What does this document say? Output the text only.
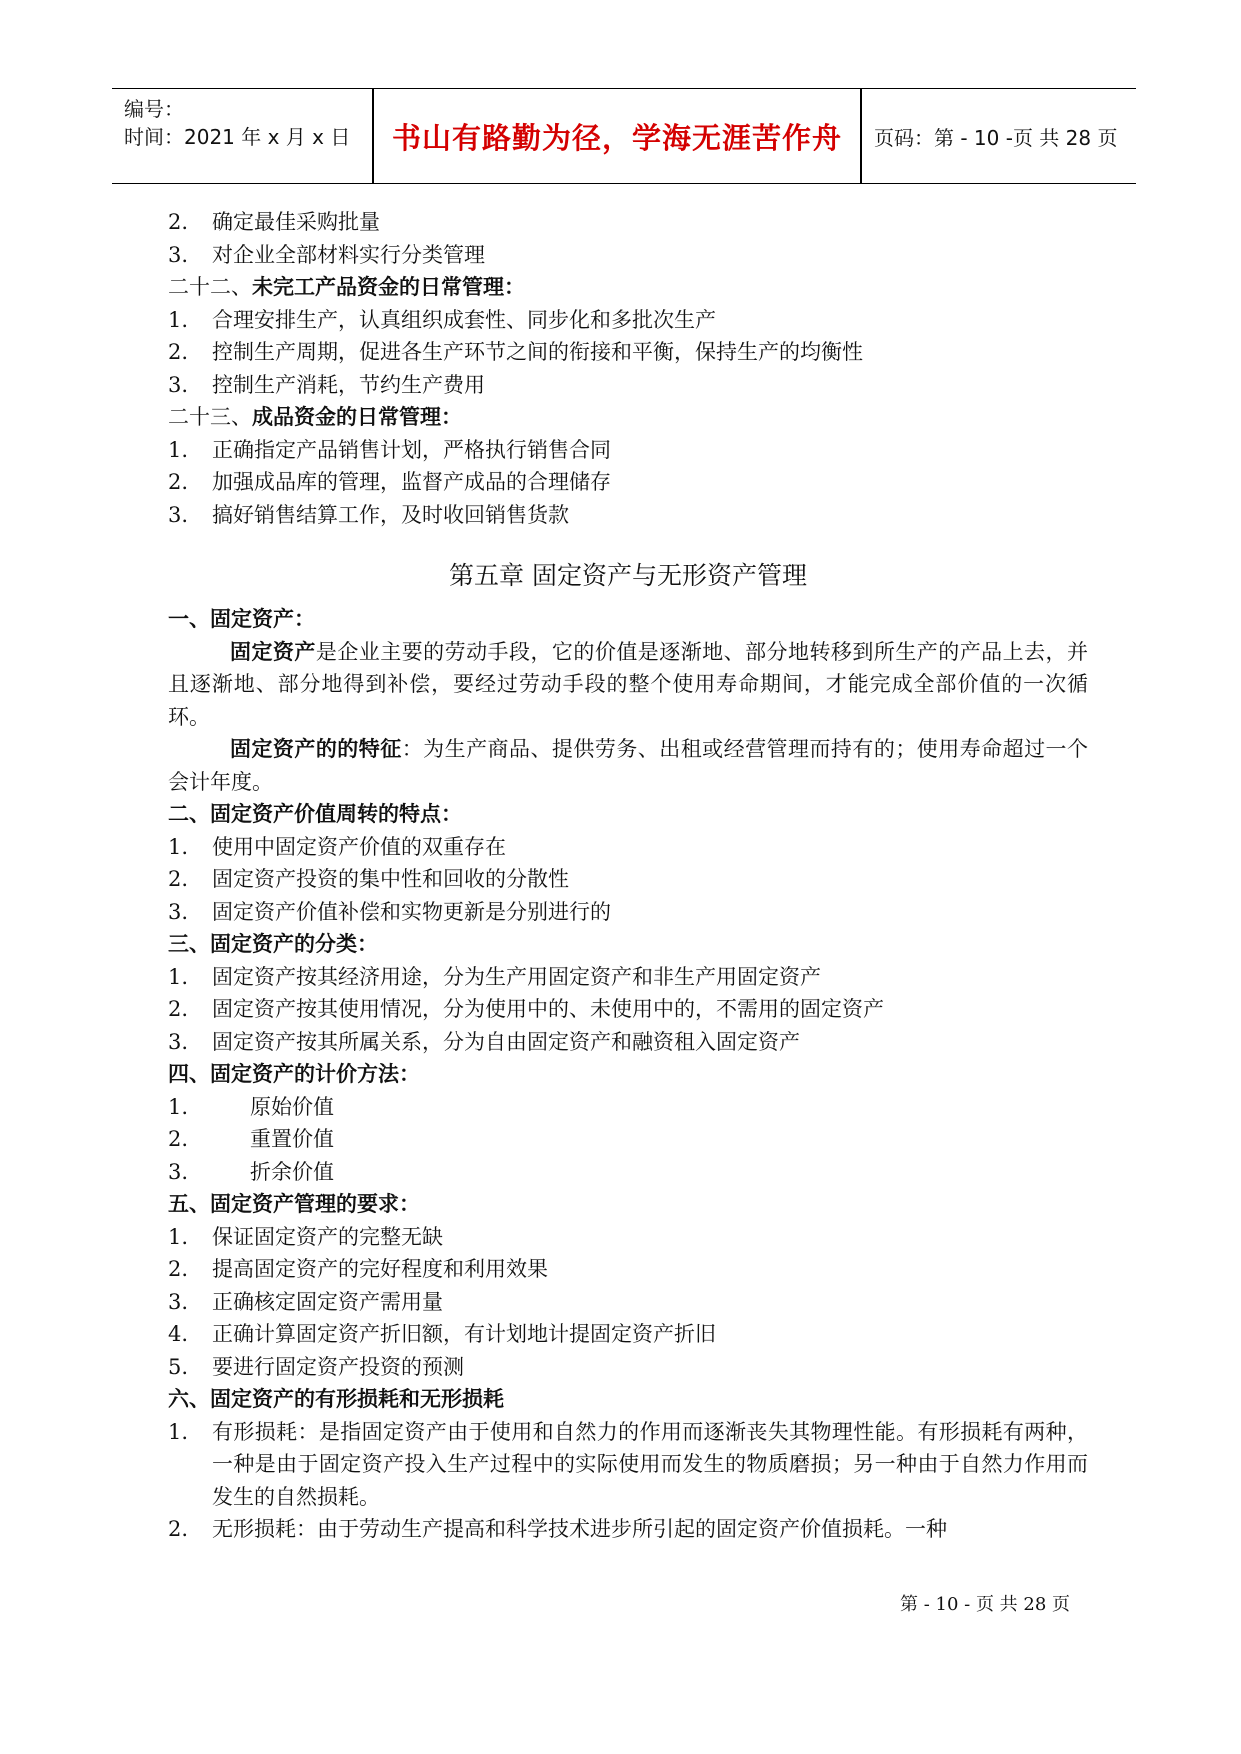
编号：
时间：2021 年 x 月 x 日	书山有路勤为径，学海无涯苦作舟	页码：第 - 10 -页 共 28 页
2.	确定最佳采购批量
3.	对企业全部材料实行分类管理
二十二、未完工产品资金的日常管理：
1.	合理安排生产，认真组织成套性、同步化和多批次生产
2.	控制生产周期，促进各生产环节之间的衔接和平衡，保持生产的均衡性
3.	控制生产消耗，节约生产费用
二十三、成品资金的日常管理：
1.	正确指定产品销售计划，严格执行销售合同
2.	加强成品库的管理，监督产成品的合理储存
3.	搞好销售结算工作，及时收回销售货款
第五章 固定资产与无形资产管理
一、固定资产：
固定资产是企业主要的劳动手段，它的价值是逐渐地、部分地转移到所生产的产品上去，并且逐渐地、部分地得到补偿，要经过劳动手段的整个使用寿命期间，才能完成全部价值的一次循环。
固定资产的的特征：为生产商品、提供劳务、出租或经营管理而持有的；使用寿命超过一个会计年度。
二、固定资产价值周转的特点：
1.	使用中固定资产价值的双重存在
2.	固定资产投资的集中性和回收的分散性
3.	固定资产价值补偿和实物更新是分别进行的
三、固定资产的分类：
1.	固定资产按其经济用途，分为生产用固定资产和非生产用固定资产
2.	固定资产按其使用情况，分为使用中的、未使用中的，不需用的固定资产
3.	固定资产按其所属关系，分为自由固定资产和融资租入固定资产
四、固定资产的计价方法：
1.	原始价值
2.	重置价值
3.	折余价值
五、固定资产管理的要求：
1.	保证固定资产的完整无缺
2.	提高固定资产的完好程度和利用效果
3.	正确核定固定资产需用量
4.	正确计算固定资产折旧额，有计划地计提固定资产折旧
5.	要进行固定资产投资的预测
六、固定资产的有形损耗和无形损耗
1.	有形损耗：是指固定资产由于使用和自然力的作用而逐渐丧失其物理性能。有形损耗有两种，一种是由于固定资产投入生产过程中的实际使用而发生的物质磨损；另一种由于自然力作用而发生的自然损耗。
2.	无形损耗：由于劳动生产提高和科学技术进步所引起的固定资产价值损耗。一种
第 - 10 - 页 共 28 页
